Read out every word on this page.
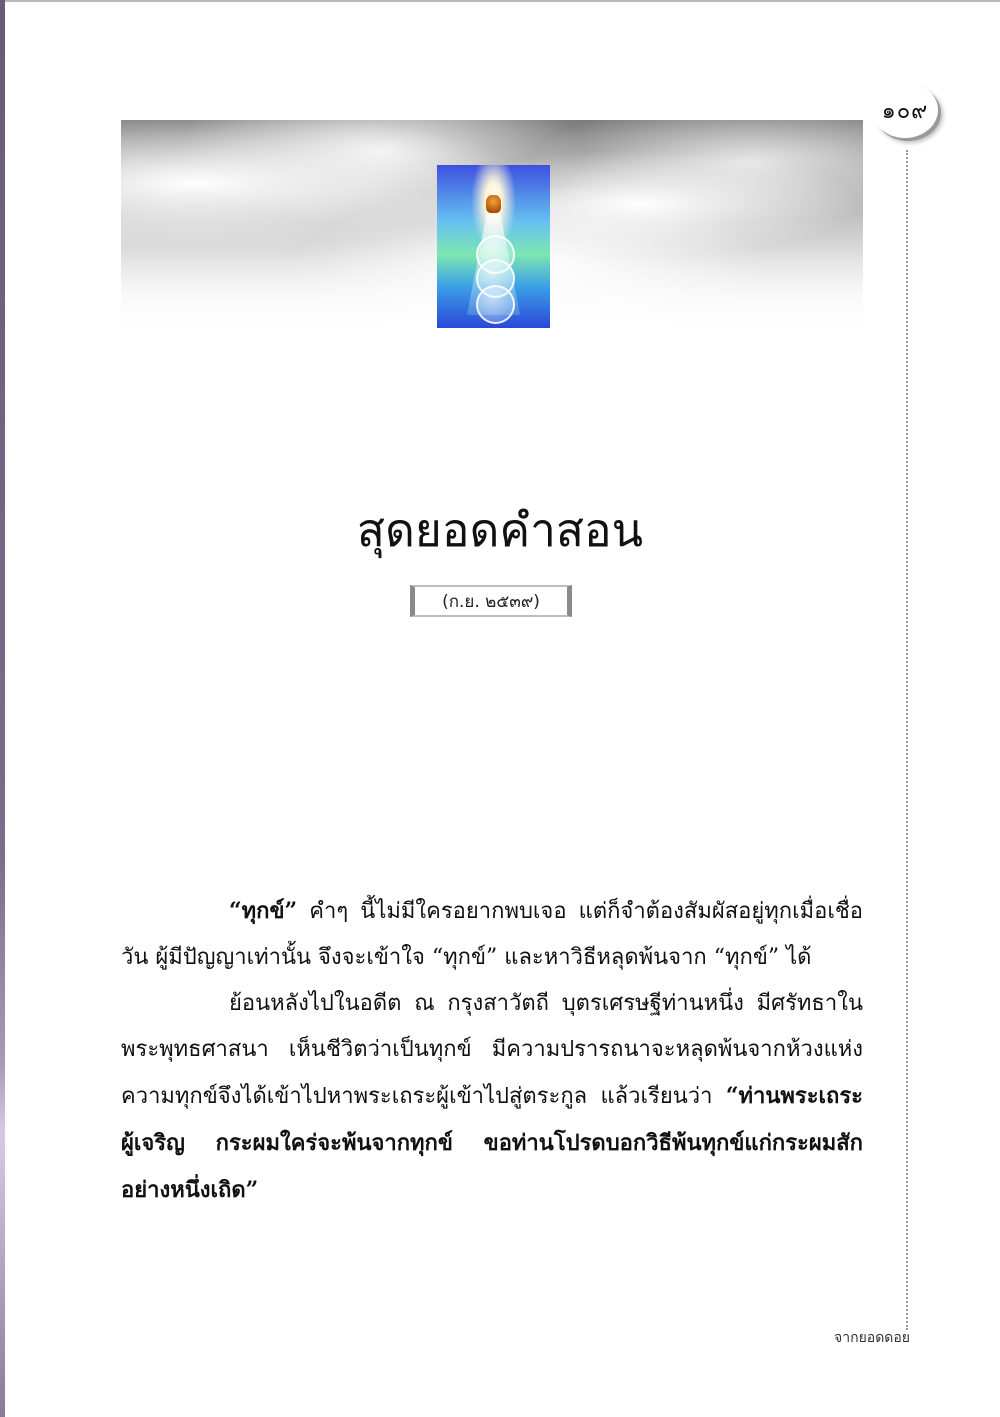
๑๐๙
สุดยอดคำสอน
(ก.ย. ๒๕๓๙)

“ทุกข์” คำๆ นี้ไม่มีใครอยากพบเจอ แต่ก็จำต้องสัมผัสอยู่ทุกเมื่อเชื่อวัน ผู้มีปัญญาเท่านั้น จึงจะเข้าใจ “ทุกข์” และหาวิธีหลุดพ้นจาก “ทุกข์” ได้

ย้อนหลังไปในอดีต ณ กรุงสาวัตถี บุตรเศรษฐีท่านหนึ่ง มีศรัทธาในพระพุทธศาสนา เห็นชีวิตว่าเป็นทุกข์ มีความปรารถนาจะหลุดพ้นจากห้วงแห่งความทุกข์จึงได้เข้าไปหาพระเถระผู้เข้าไปสู่ตระกูล แล้วเรียนว่า “ท่านพระเถระผู้เจริญ กระผมใคร่จะพ้นจากทุกข์ ขอท่านโปรดบอกวิธีพ้นทุกข์แก่กระผมสักอย่างหนึ่งเถิด”

จากยอดดอย
